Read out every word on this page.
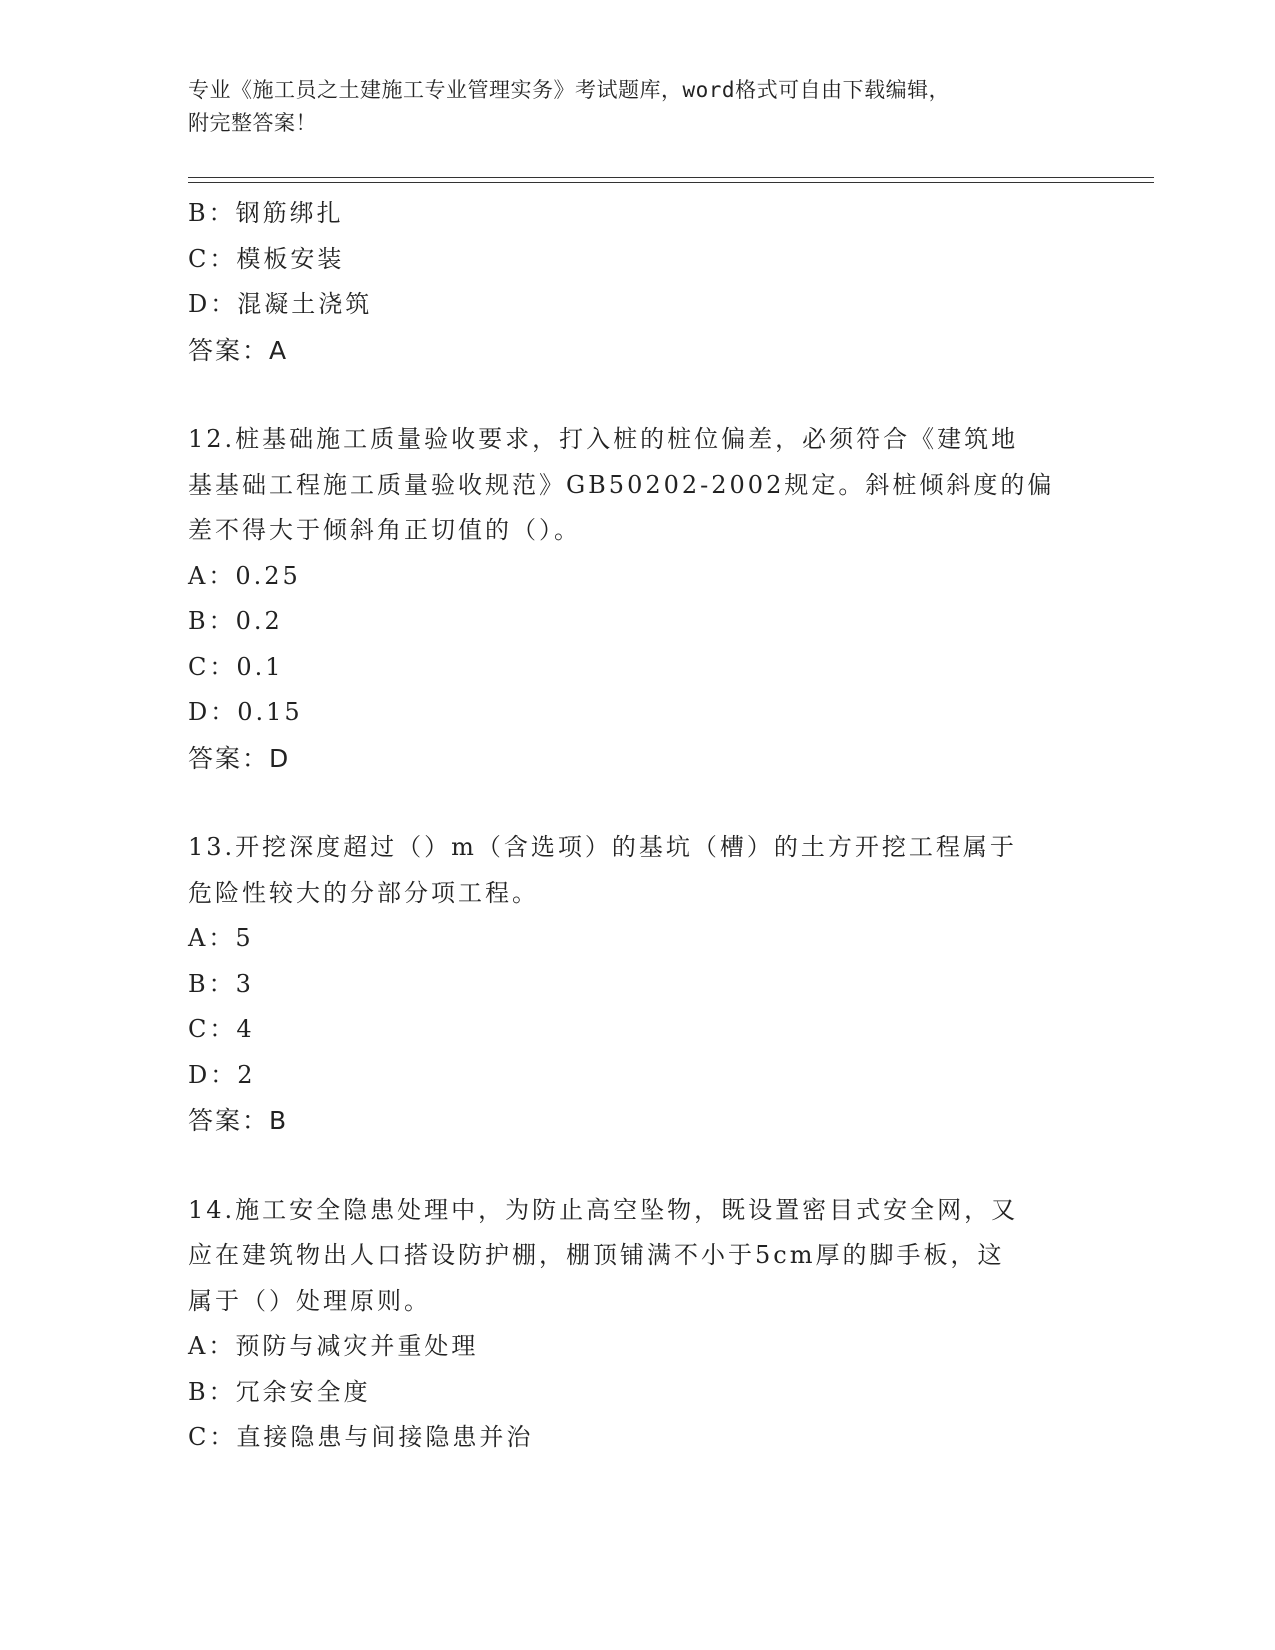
专业《施工员之土建施工专业管理实务》考试题库，word格式可自由下载编辑，
附完整答案！
B：钢筋绑扎
C：模板安装
D：混凝土浇筑
答案：A
12.桩基础施工质量验收要求，打入桩的桩位偏差，必须符合《建筑地
基基础工程施工质量验收规范》GB50202-2002规定。斜桩倾斜度的偏
差不得大于倾斜角正切值的（）。
A：0.25
B：0.2
C：0.1
D：0.15
答案：D
13.开挖深度超过（）m（含选项）的基坑（槽）的土方开挖工程属于
危险性较大的分部分项工程。
A：5
B：3
C：4
D：2
答案：B
14.施工安全隐患处理中，为防止高空坠物，既设置密目式安全网，又
应在建筑物出人口搭设防护棚，棚顶铺满不小于5cm厚的脚手板，这
属于（）处理原则。
A：预防与减灾并重处理
B：冗余安全度
C：直接隐患与间接隐患并治
